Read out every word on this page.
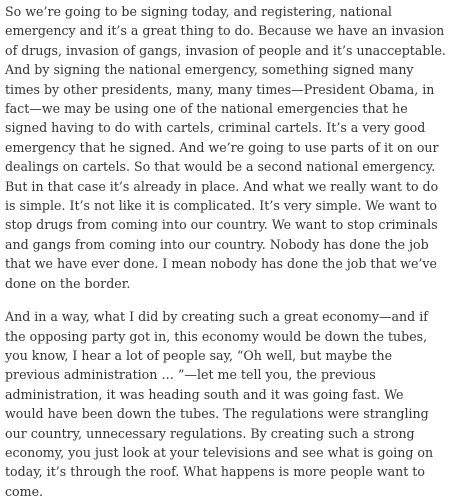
So we’re going to be signing today, and registering, national emergency and it’s a great thing to do. Because we have an invasion of drugs, invasion of gangs, invasion of people and it’s unacceptable. And by signing the national emergency, something signed many times by other presidents, many, many times—President Obama, in fact—we may be using one of the national emergencies that he signed having to do with cartels, criminal cartels. It’s a very good emergency that he signed. And we’re going to use parts of it on our dealings on cartels. So that would be a second national emergency. But in that case it’s already in place. And what we really want to do is simple. It’s not like it is complicated. It’s very simple. We want to stop drugs from coming into our country. We want to stop criminals and gangs from coming into our country. Nobody has done the job that we have ever done. I mean nobody has done the job that we’ve done on the border.

And in a way, what I did by creating such a great economy—and if the opposing party got in, this economy would be down the tubes, you know, I hear a lot of people say, “Oh well, but maybe the previous administration … ”—let me tell you, the previous administration, it was heading south and it was going fast. We would have been down the tubes. The regulations were strangling our country, unnecessary regulations. By creating such a strong economy, you just look at your televisions and see what is going on today, it’s through the roof. What happens is more people want to come.
